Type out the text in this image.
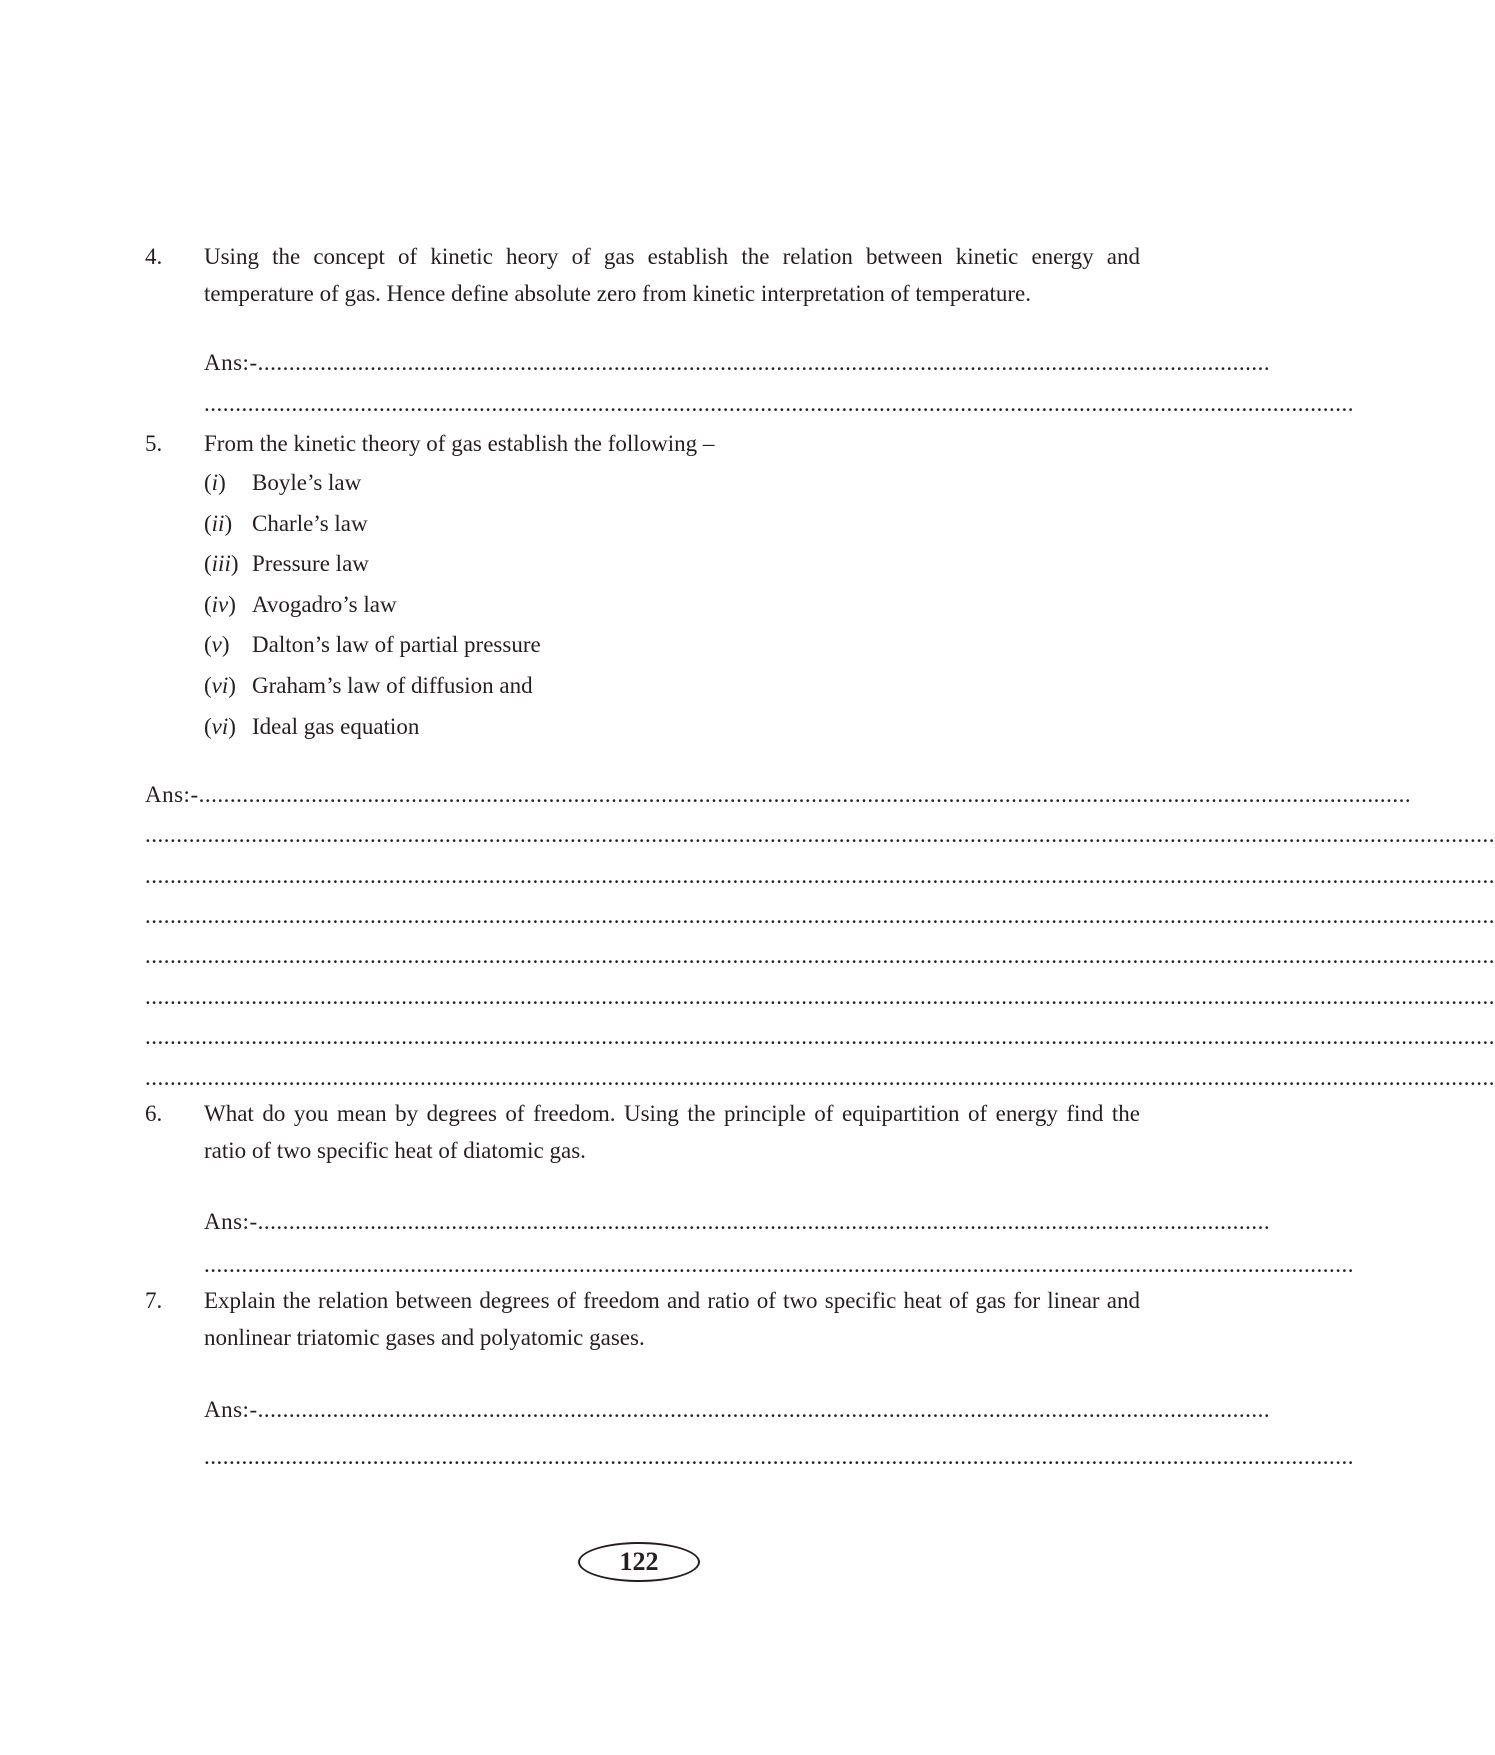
4. Using the concept of kinetic heory of gas establish the relation between kinetic energy and temperature of gas. Hence define absolute zero from kinetic interpretation of temperature.
Ans:-..................................................................................................................................................................
........................................................................................................................................................................................
5. From the kinetic theory of gas establish the following –
(i) Boyle’s law
(ii) Charle’s law
(iii) Pressure law
(iv) Avogadro’s law
(v) Dalton’s law of partial pressure
(vi) Graham’s law of diffusion and
(vi) Ideal gas equation
Ans:-..................................................................................................................................................................................................
........................................................................................................................................................................................................................
........................................................................................................................................................................................................................
........................................................................................................................................................................................................................
........................................................................................................................................................................................................................
........................................................................................................................................................................................................................
........................................................................................................................................................................................................................
........................................................................................................................................................................................................................
6. What do you mean by degrees of freedom. Using the principle of equipartition of energy find the ratio of two specific heat of diatomic gas.
Ans:-..................................................................................................................................................................
........................................................................................................................................................................................
7. Explain the relation between degrees of freedom and ratio of two specific heat of gas for linear and nonlinear triatomic gases and polyatomic gases.
Ans:-..................................................................................................................................................................
........................................................................................................................................................................................
122
